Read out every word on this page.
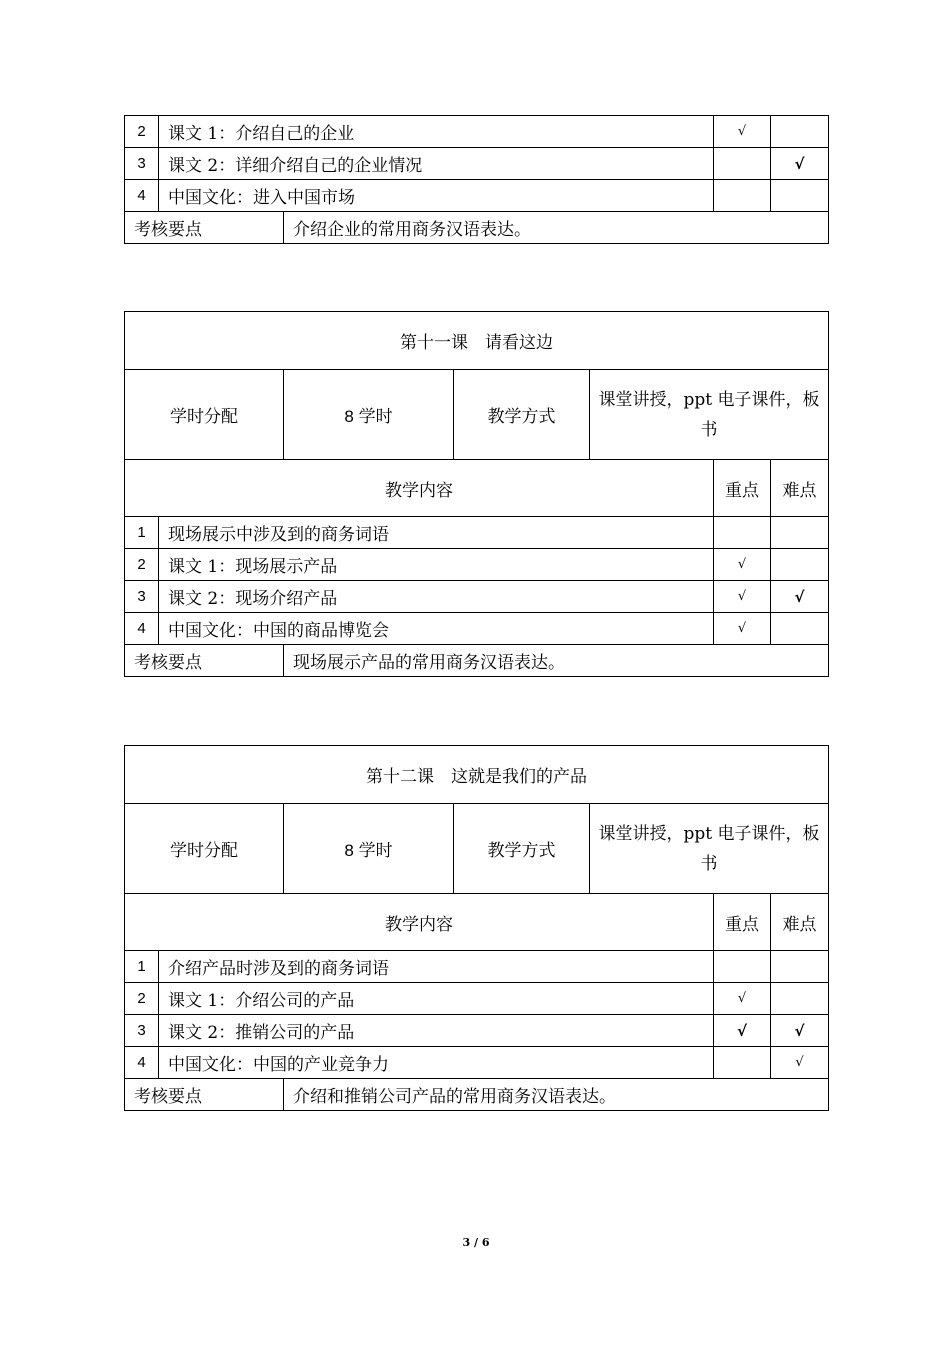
2	课文 1：介绍自己的企业		√	
3	课文 2：详细介绍自己的企业情况			√
4	中国文化：进入中国市场			
考核要点		介绍企业的常用商务汉语表达。		
第十一课　请看这边						
学时分配		8 学时	教学方式	课堂讲授，ppt 电子课件，板书		
教学内容					重点	难点
1	现场展示中涉及到的商务词语					
2	课文 1：现场展示产品				√	
3	课文 2：现场介绍产品				√	√
4	中国文化：中国的商品博览会				√	
考核要点		现场展示产品的常用商务汉语表达。				
第十二课　这就是我们的产品						
学时分配		8 学时	教学方式	课堂讲授，ppt 电子课件，板书		
教学内容					重点	难点
1	介绍产品时涉及到的商务词语					
2	课文 1：介绍公司的产品				√	
3	课文 2：推销公司的产品				√	√
4	中国文化：中国的产业竞争力					√
考核要点		介绍和推销公司产品的常用商务汉语表达。				
3 / 6
